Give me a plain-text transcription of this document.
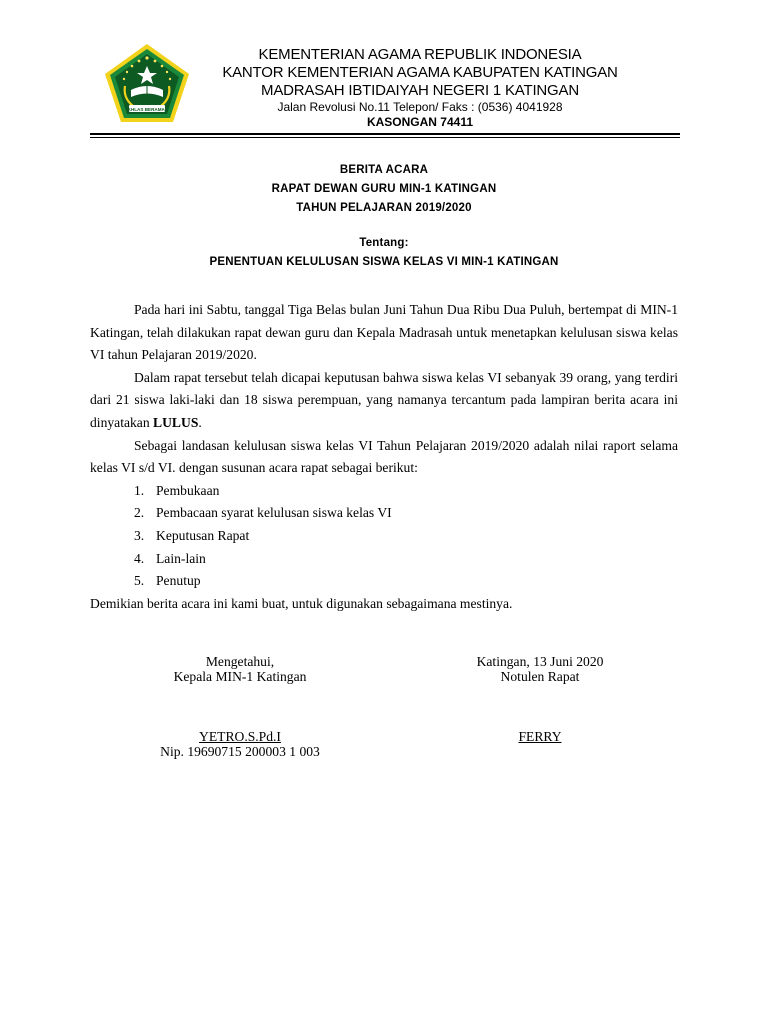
IKHLAS BERAMAL
KEMENTERIAN AGAMA REPUBLIK INDONESIA
KANTOR KEMENTERIAN AGAMA KABUPATEN KATINGAN
MADRASAH IBTIDAIYAH NEGERI 1 KATINGAN
Jalan Revolusi No.11 Telepon/ Faks : (0536) 4041928
KASONGAN 74411
BERITA ACARA
RAPAT DEWAN GURU MIN-1 KATINGAN
TAHUN PELAJARAN 2019/2020
Tentang:
PENENTUAN KELULUSAN SISWA KELAS VI MIN-1 KATINGAN

Pada hari ini Sabtu, tanggal Tiga Belas bulan Juni Tahun Dua Ribu Dua Puluh, bertempat di MIN-1 Katingan, telah dilakukan rapat dewan guru dan Kepala Madrasah untuk menetapkan kelulusan siswa kelas VI tahun Pelajaran 2019/2020.

Dalam rapat tersebut telah dicapai keputusan bahwa siswa kelas VI sebanyak 39 orang, yang terdiri dari 21 siswa laki-laki dan 18 siswa perempuan, yang namanya tercantum pada lampiran berita acara ini dinyatakan LULUS.

Sebagai landasan kelulusan siswa kelas VI Tahun Pelajaran 2019/2020 adalah nilai raport selama kelas VI s/d VI. dengan susunan acara rapat sebagai berikut:

1. Pembukaan
2. Pembacaan syarat kelulusan siswa kelas VI
3. Keputusan Rapat
4. Lain-lain
5. Penutup

Demikian berita acara ini kami buat, untuk digunakan sebagaimana mestinya.

Mengetahui,
Kepala MIN-1 Katingan
Katingan, 13 Juni 2020
Notulen Rapat
YETRO.S.Pd.I
Nip. 19690715 200003 1 003
FERRY
